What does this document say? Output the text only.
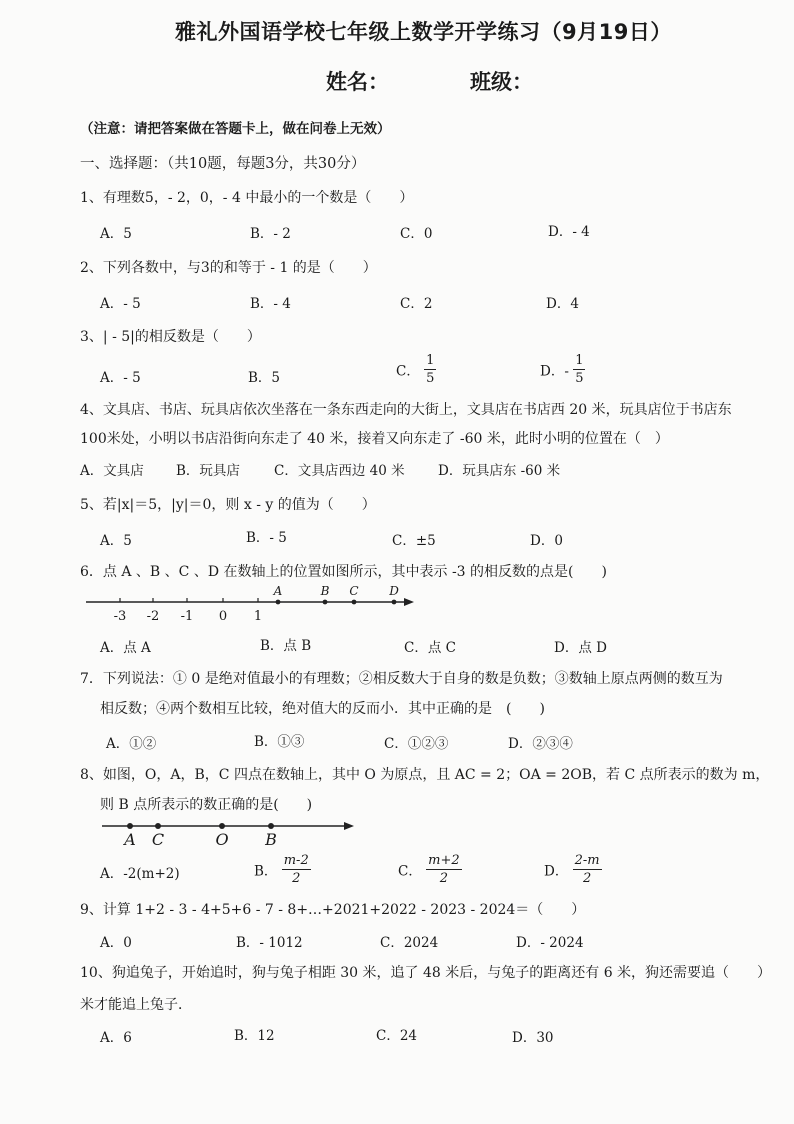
雅礼外国语学校七年级上数学开学练习（9月19日）
姓名：	班级：
（注意：请把答案做在答题卡上，做在问卷上无效）
一、选择题：（共10题，每题3分，共30分）
1、有理数5，- 2，0，- 4 中最小的一个数是（　　）
A．5	B．- 2	C．0	D．- 4
2、下列各数中，与3的和等于 - 1 的是（　　）
A．- 5	B．- 4	C．2	D．4
3、| - 5|的相反数是（　　）
A．- 5	B．5	C． $\frac{1}{5}$	D．- $\frac{1}{5}$
4、文具店、书店、玩具店依次坐落在一条东西走向的大街上，文具店在书店西 20 米，玩具店位于书店东
100米处，小明以书店沿街向东走了 40 米，接着又向东走了 -60 米，此时小明的位置在（　）
A．文具店 B．玩具店	C．文具店西边 40 米 D．玩具店东 -60 米
5、若|x|＝5，|y|＝0，则 x - y 的值为（　　）
A．5	B．- 5	C．±5	D．0
6．点 A 、B 、C 、D 在数轴上的位置如图所示，其中表示 -3 的相反数的点是(　　)
-3 -2 -1 0 1
A	B C	D
A．点 A	B．点 B	C．点 C	D．点 D
7．下列说法：① 0 是绝对值最小的有理数；②相反数大于自身的数是负数；③数轴上原点两侧的数互为
相反数；④两个数相互比较，绝对值大的反而小．其中正确的是　(　　)
A．①②	B．①③	C．①②③	D．②③④
8、如图，O，A，B，C 四点在数轴上，其中 O 为原点，且 AC = 2；OA = 2OB，若 C 点所表示的数为 m，
则 B 点所表示的数正确的是(　　)
A C	O B
A．-2(m+2)	B． $\frac{m-2}{2}$	C． $\frac{m+2}{2}$	D． $\frac{2-m}{2}$
9、计算 1+2 - 3 - 4+5+6 - 7 - 8+…+2021+2022 - 2023 - 2024＝（　　）
A．0	B．- 1012	C．2024	D．- 2024
10、狗追兔子，开始追时，狗与兔子相距 30 米，追了 48 米后，与兔子的距离还有 6 米，狗还需要追（　　）
米才能追上兔子．
A．6	B．12	C．24	D．30
